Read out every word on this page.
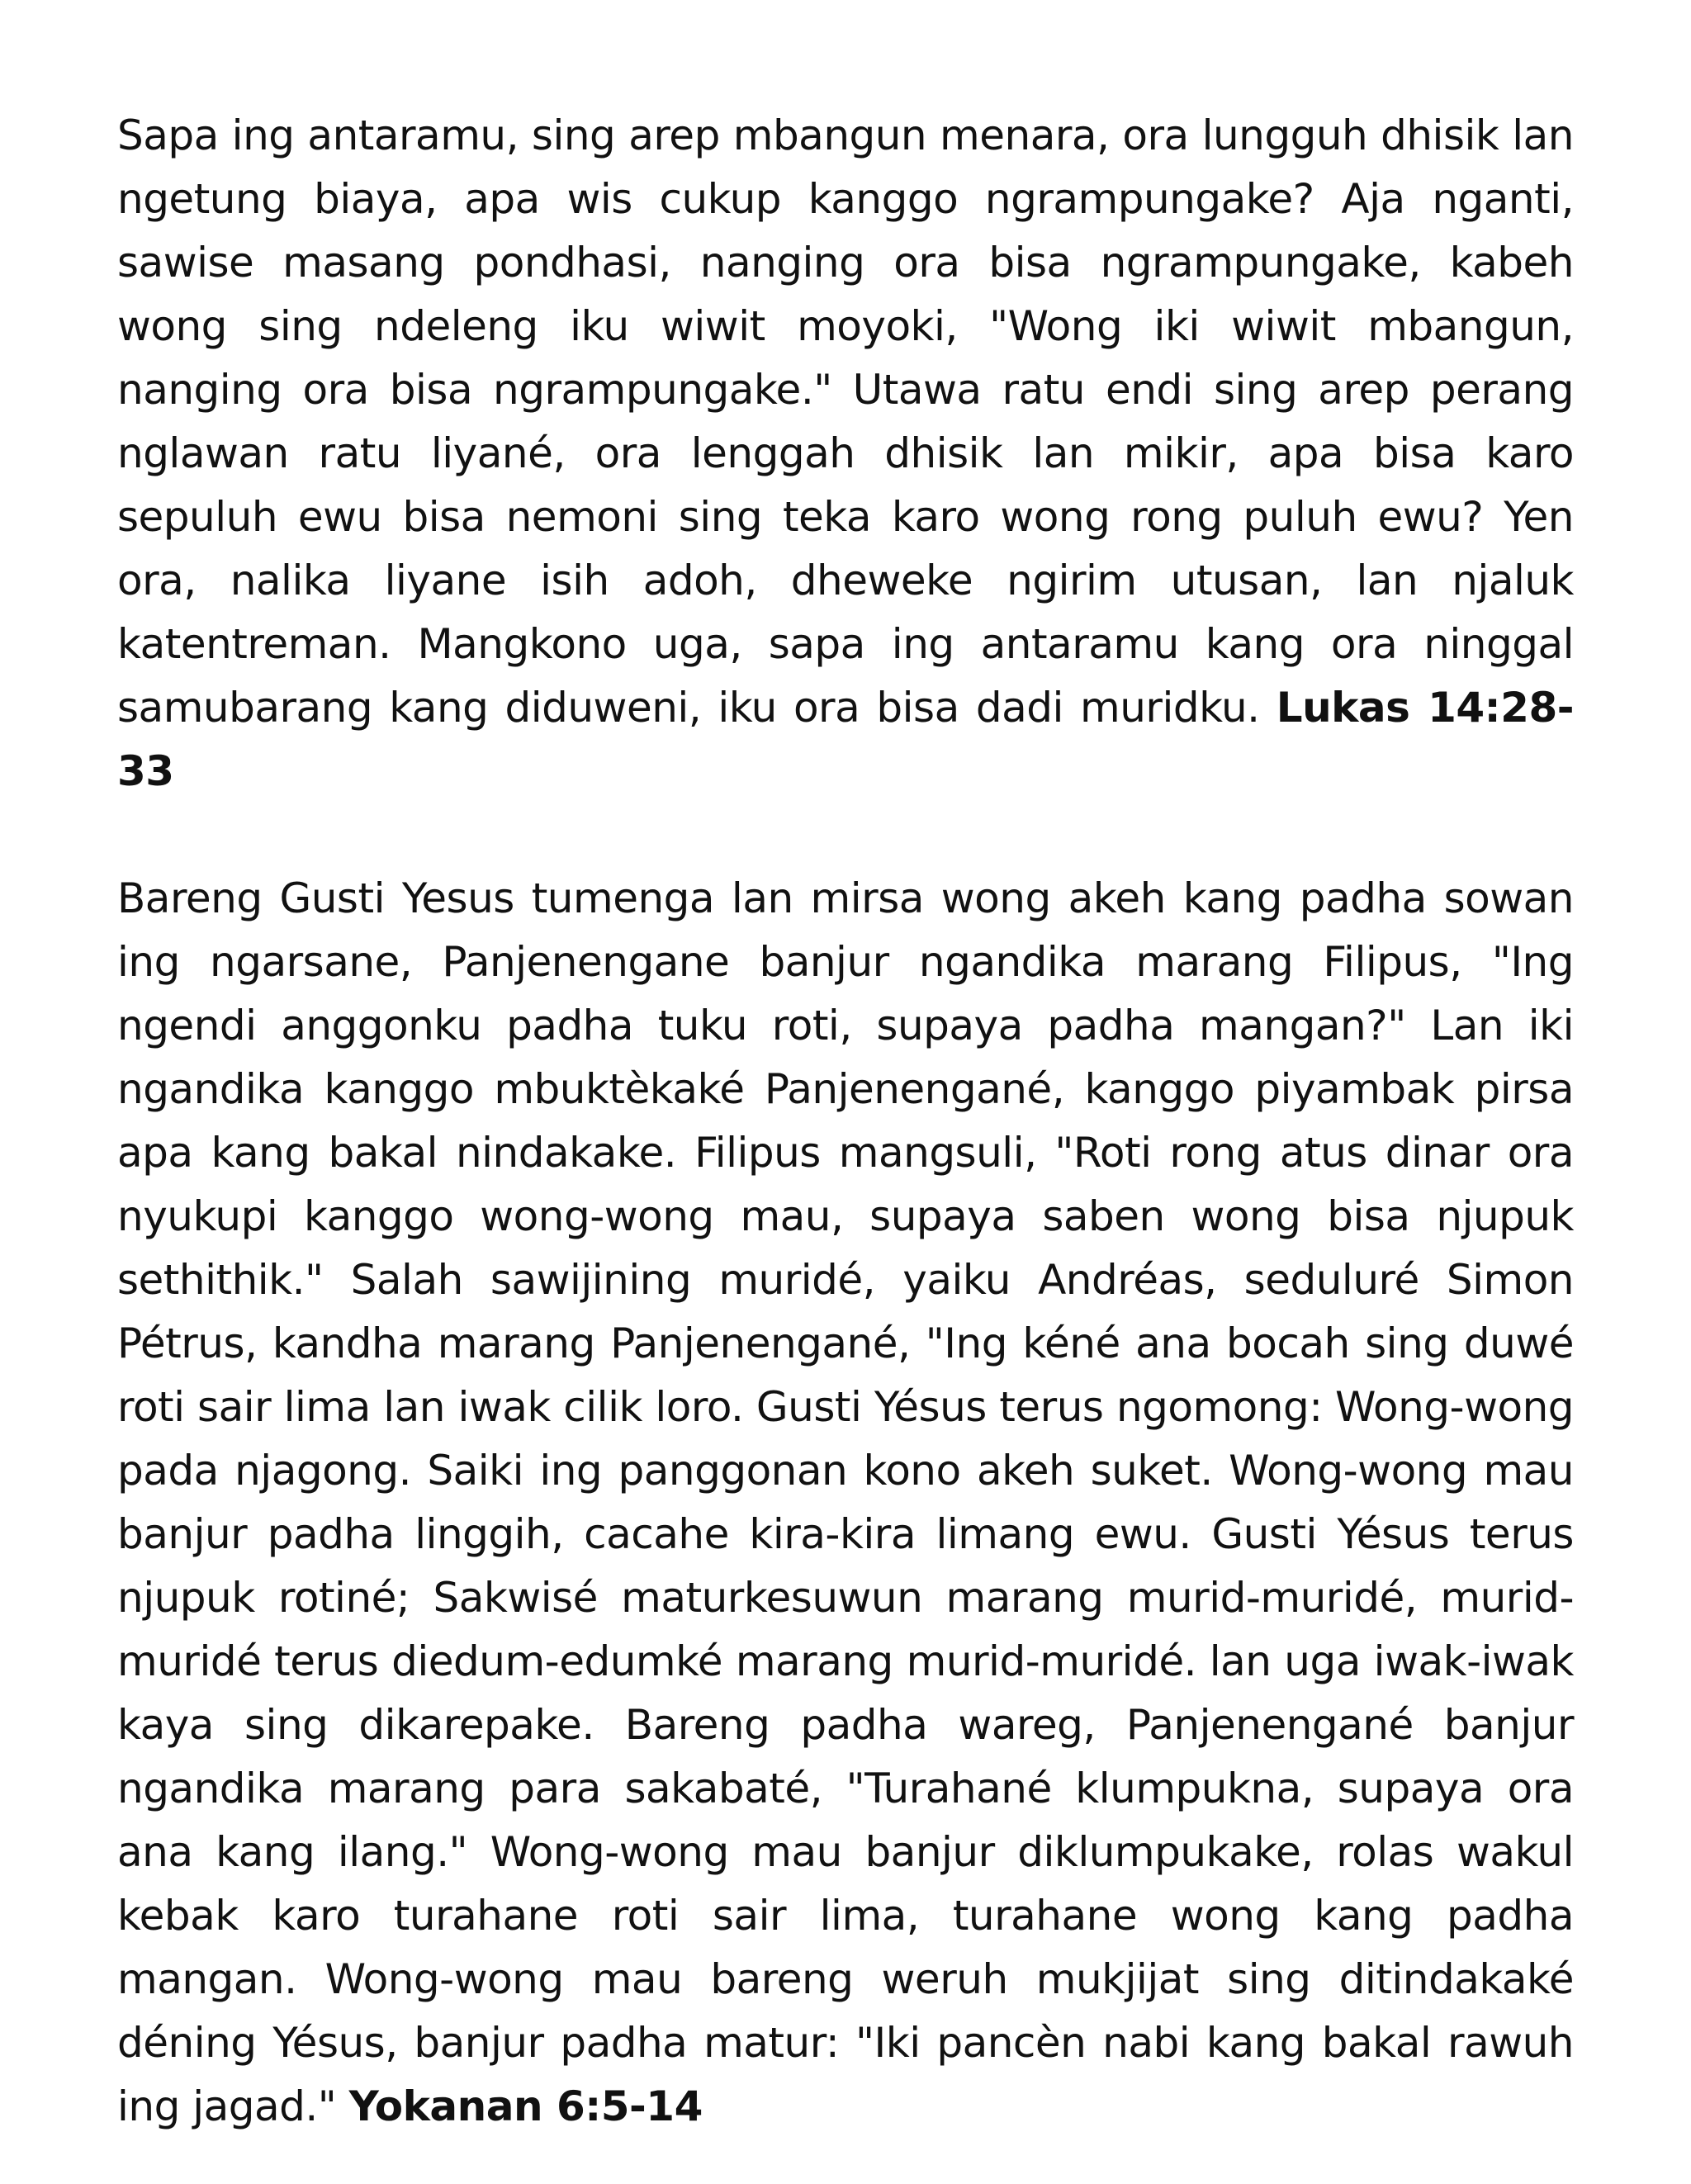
Sapa ing antaramu, sing arep mbangun menara, ora lungguh dhisik lan ngetung biaya, apa wis cukup kanggo ngrampungake? Aja nganti, sawise masang pondhasi, nanging ora bisa ngrampungake, kabeh wong sing ndeleng iku wiwit moyoki, "Wong iki wiwit mbangun, nanging ora bisa ngrampungake." Utawa ratu endi sing arep perang nglawan ratu liyané, ora lenggah dhisik lan mikir, apa bisa karo sepuluh ewu bisa nemoni sing teka karo wong rong puluh ewu? Yen ora, nalika liyane isih adoh, dheweke ngirim utusan, lan njaluk katentreman. Mangkono uga, sapa ing antaramu kang ora ninggal samubarang kang diduweni, iku ora bisa dadi muridku. Lukas 14:28-33

Bareng Gusti Yesus tumenga lan mirsa wong akeh kang padha sowan ing ngarsane, Panjenengane banjur ngandika marang Filipus, "Ing ngendi anggonku padha tuku roti, supaya padha mangan?" Lan iki ngandika kanggo mbuktèkaké Panjenengané, kanggo piyambak pirsa apa kang bakal nindakake. Filipus mangsuli, "Roti rong atus dinar ora nyukupi kanggo wong-wong mau, supaya saben wong bisa njupuk sethithik." Salah sawijining muridé, yaiku Andréas, seduluré Simon Pétrus, kandha marang Panjenengané, "Ing kéné ana bocah sing duwé roti sair lima lan iwak cilik loro. Gusti Yésus terus ngomong: Wong-wong pada njagong. Saiki ing panggonan kono akeh suket. Wong-wong mau banjur padha linggih, cacahe kira-kira limang ewu. Gusti Yésus terus njupuk rotiné; Sakwisé maturkesuwun marang murid-muridé, murid-muridé terus diedum-edumké marang murid-muridé. lan uga iwak-iwak kaya sing dikarepake. Bareng padha wareg, Panjenengané banjur ngandika marang para sakabaté, "Turahané klumpukna, supaya ora ana kang ilang." Wong-wong mau banjur diklumpukake, rolas wakul kebak karo turahane roti sair lima, turahane wong kang padha mangan. Wong-wong mau bareng weruh mukjijat sing ditindakaké déning Yésus, banjur padha matur: "Iki pancèn nabi kang bakal rawuh ing jagad." Yokanan 6:5-14
